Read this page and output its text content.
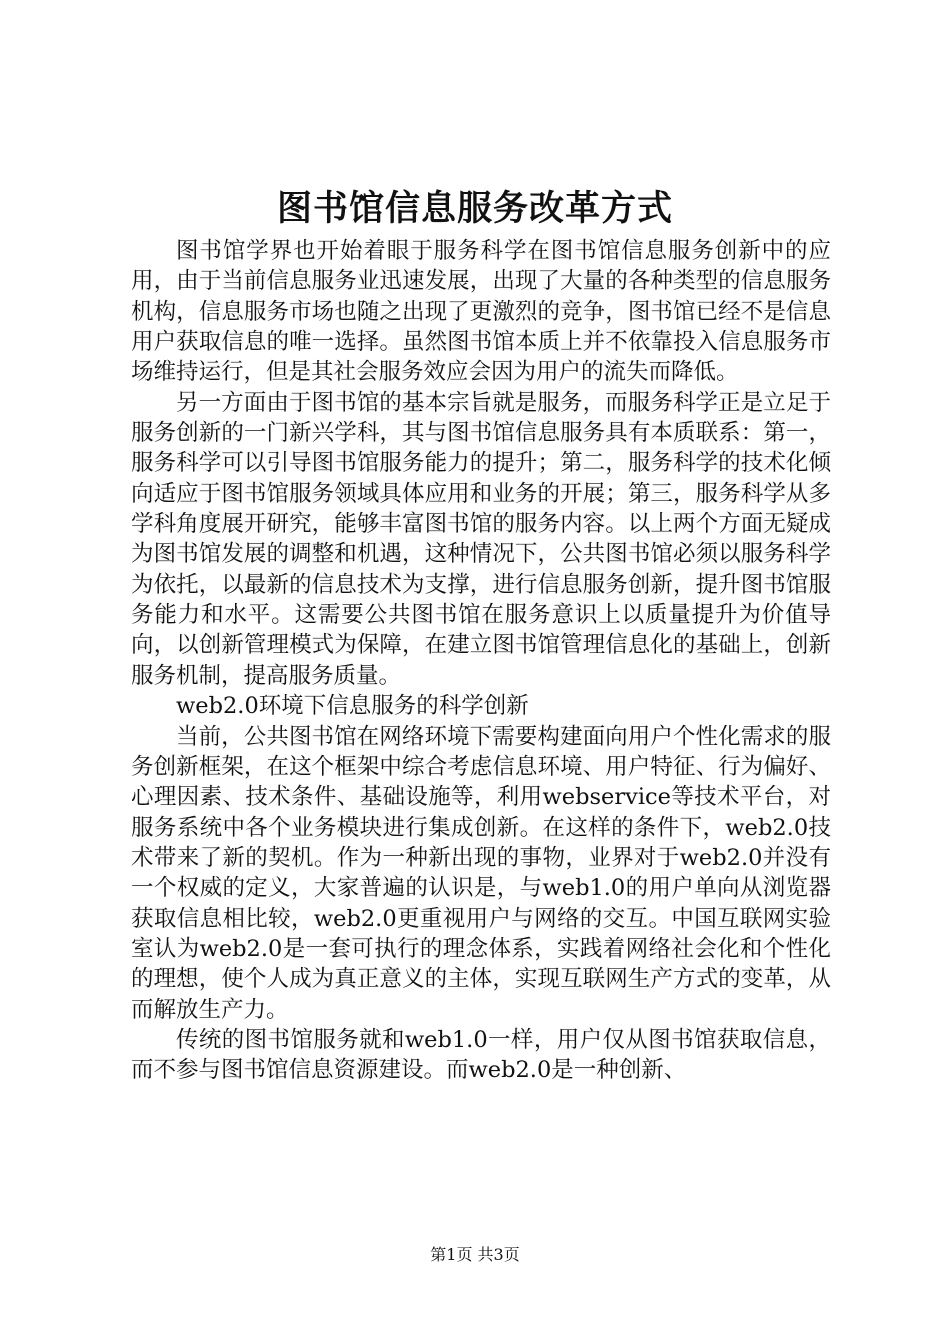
图书馆信息服务改革方式

图书馆学界也开始着眼于服务科学在图书馆信息服务创新中的应用，由于当前信息服务业迅速发展，出现了大量的各种类型的信息服务机构，信息服务市场也随之出现了更激烈的竞争，图书馆已经不是信息用户获取信息的唯一选择。虽然图书馆本质上并不依靠投入信息服务市场维持运行，但是其社会服务效应会因为用户的流失而降低。

另一方面由于图书馆的基本宗旨就是服务，而服务科学正是立足于服务创新的一门新兴学科，其与图书馆信息服务具有本质联系：第一，服务科学可以引导图书馆服务能力的提升；第二，服务科学的技术化倾向适应于图书馆服务领域具体应用和业务的开展；第三，服务科学从多学科角度展开研究，能够丰富图书馆的服务内容。以上两个方面无疑成为图书馆发展的调整和机遇，这种情况下，公共图书馆必须以服务科学为依托，以最新的信息技术为支撑，进行信息服务创新，提升图书馆服务能力和水平。这需要公共图书馆在服务意识上以质量提升为价值导向，以创新管理模式为保障，在建立图书馆管理信息化的基础上，创新服务机制，提高服务质量。

web2.0环境下信息服务的科学创新

当前，公共图书馆在网络环境下需要构建面向用户个性化需求的服务创新框架，在这个框架中综合考虑信息环境、用户特征、行为偏好、心理因素、技术条件、基础设施等，利用webservice等技术平台，对服务系统中各个业务模块进行集成创新。在这样的条件下，web2.0技术带来了新的契机。作为一种新出现的事物，业界对于web2.0并没有一个权威的定义，大家普遍的认识是，与web1.0的用户单向从浏览器获取信息相比较，web2.0更重视用户与网络的交互。中国互联网实验室认为web2.0是一套可执行的理念体系，实践着网络社会化和个性化的理想，使个人成为真正意义的主体，实现互联网生产方式的变革，从而解放生产力。

传统的图书馆服务就和web1.0一样，用户仅从图书馆获取信息，而不参与图书馆信息资源建设。而web2.0是一种创新、

第1页 共3页
